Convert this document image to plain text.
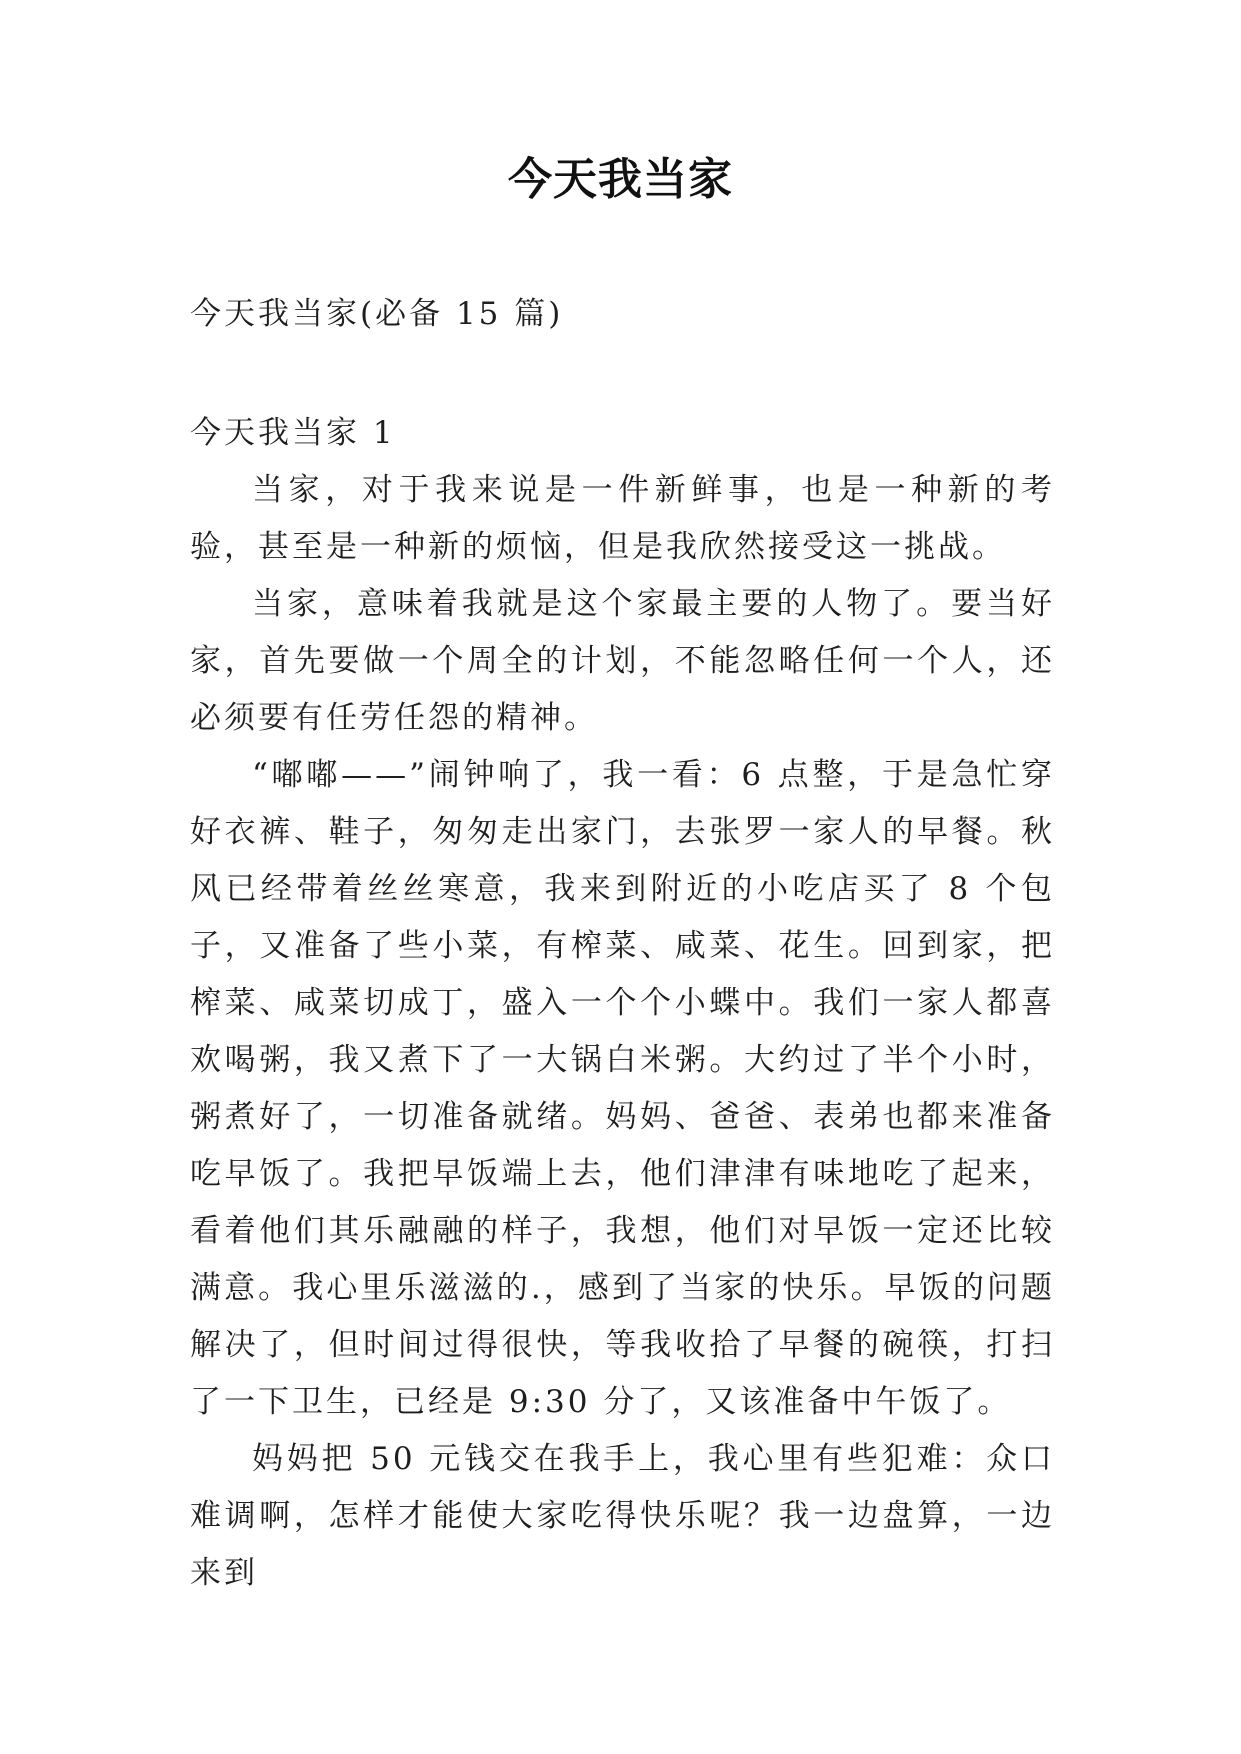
今天我当家
今天我当家(必备 15 篇)
今天我当家 1

当家，对于我来说是一件新鲜事，也是一种新的考验，甚至是一种新的烦恼，但是我欣然接受这一挑战。

当家，意味着我就是这个家最主要的人物了。要当好家，首先要做一个周全的计划，不能忽略任何一个人，还必须要有任劳任怨的精神。

“嘟嘟——”闹钟响了，我一看：6 点整，于是急忙穿好衣裤、鞋子，匆匆走出家门，去张罗一家人的早餐。秋风已经带着丝丝寒意，我来到附近的小吃店买了 8 个包子，又准备了些小菜，有榨菜、咸菜、花生。回到家，把榨菜、咸菜切成丁，盛入一个个小蝶中。我们一家人都喜欢喝粥，我又煮下了一大锅白米粥。大约过了半个小时，粥煮好了，一切准备就绪。妈妈、爸爸、表弟也都来准备吃早饭了。我把早饭端上去，他们津津有味地吃了起来，看着他们其乐融融的样子，我想，他们对早饭一定还比较满意。我心里乐滋滋的.，感到了当家的快乐。早饭的问题解决了，但时间过得很快，等我收拾了早餐的碗筷，打扫了一下卫生，已经是 9:30 分了，又该准备中午饭了。

妈妈把 50 元钱交在我手上，我心里有些犯难：众口难调啊，怎样才能使大家吃得快乐呢？我一边盘算，一边来到
